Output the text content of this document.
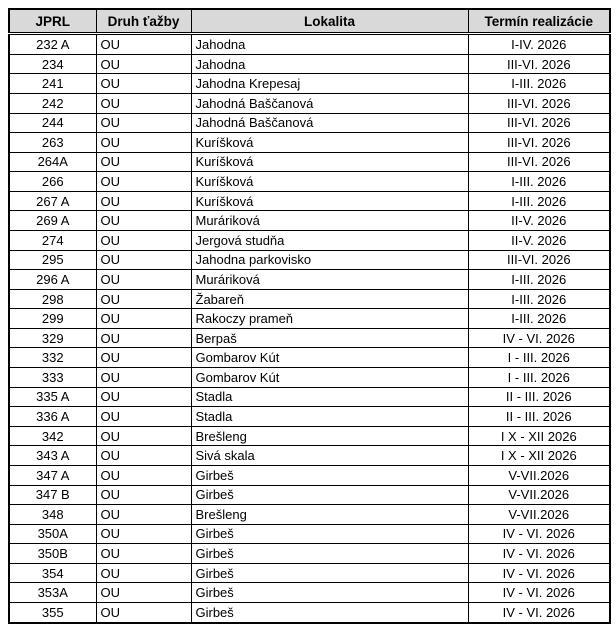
JPRL	Druh ťažby	Lokalita	Termín realizácie
232 A	OU	Jahodna	I-IV. 2026
234	OU	Jahodna	III-VI. 2026
241	OU	Jahodna Krepesaj	I-III. 2026
242	OU	Jahodná Baščanová	III-VI. 2026
244	OU	Jahodná Baščanová	III-VI. 2026
263	OU	Kuríšková	III-VI. 2026
264A	OU	Kuríšková	III-VI. 2026
266	OU	Kuríšková	I-III. 2026
267 A	OU	Kuríšková	I-III. 2026
269 A	OU	Muráriková	II-V. 2026
274	OU	Jergová studňa	II-V. 2026
295	OU	Jahodna parkovisko	III-VI. 2026
296 A	OU	Muráriková	I-III. 2026
298	OU	Žabareň	I-III. 2026
299	OU	Rakoczy prameň	I-III. 2026
329	OU	Berpaš	IV - VI. 2026
332	OU	Gombarov Kút	I - III. 2026
333	OU	Gombarov Kút	I - III. 2026
335 A	OU	Stadla	II - III. 2026
336 A	OU	Stadla	II - III. 2026
342	OU	Brešleng	I X - XII 2026
343 A	OU	Sivá skala	I X - XII 2026
347 A	OU	Girbeš	V-VII.2026
347 B	OU	Girbeš	V-VII.2026
348	OU	Brešleng	V-VII.2026
350A	OU	Girbeš	IV - VI. 2026
350B	OU	Girbeš	IV - VI. 2026
354	OU	Girbeš	IV - VI. 2026
353A	OU	Girbeš	IV - VI. 2026
355	OU	Girbeš	IV - VI. 2026
